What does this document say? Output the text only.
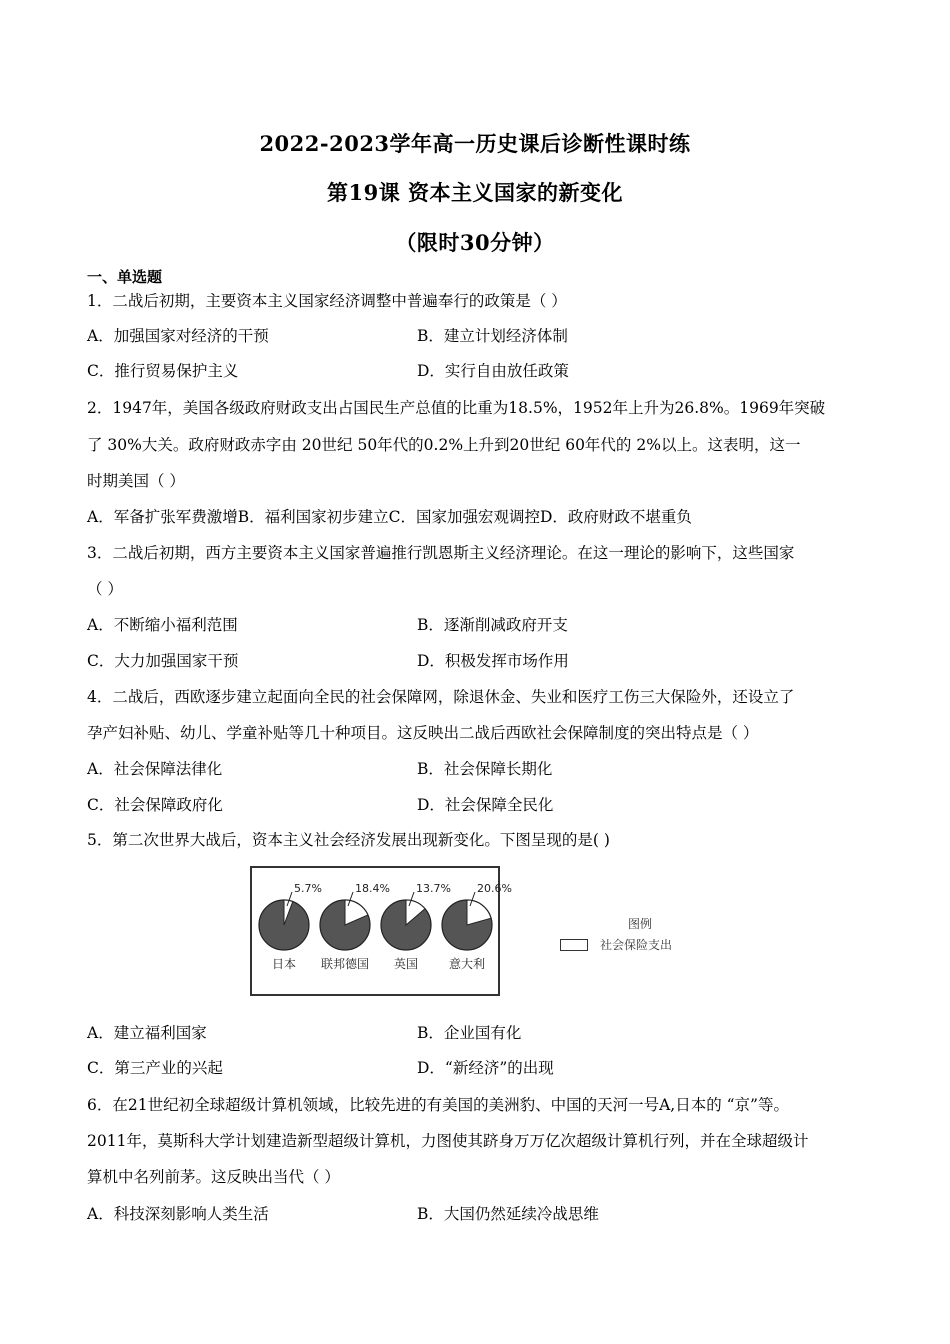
2022-2023学年高一历史课后诊断性课时练
第19课 资本主义国家的新变化
（限时30分钟）
一、单选题
1．二战后初期，主要资本主义国家经济调整中普遍奉行的政策是（ ）
A．加强国家对经济的干预	B．建立计划经济体制
C．推行贸易保护主义	D．实行自由放任政策
2．1947年，美国各级政府财政支出占国民生产总值的比重为18.5%，1952年上升为26.8%。1969年突破
了 30%大关。政府财政赤字由 20世纪 50年代的0.2%上升到20世纪 60年代的 2%以上。这表明，这一
时期美国（ ）
A．军备扩张军费激增B．福利国家初步建立C．国家加强宏观调控D．政府财政不堪重负
3．二战后初期，西方主要资本主义国家普遍推行凯恩斯主义经济理论。在这一理论的影响下，这些国家
（ ）
A．不断缩小福利范围	B．逐渐削减政府开支
C．大力加强国家干预	D．积极发挥市场作用
4．二战后，西欧逐步建立起面向全民的社会保障网，除退休金、失业和医疗工伤三大保险外，还设立了
孕产妇补贴、幼儿、学童补贴等几十种项目。这反映出二战后西欧社会保障制度的突出特点是（ ）
A．社会保障法律化	B．社会保障长期化
C．社会保障政府化	D．社会保障全民化
5．第二次世界大战后，资本主义社会经济发展出现新变化。下图呈现的是( )
5.7%
日本
18.4%
联邦德国
13.7%
英国
20.6%
意大利
图例
社会保险支出
A．建立福利国家	B．企业国有化
C．第三产业的兴起	D．“新经济”的出现
6．在21世纪初全球超级计算机领域，比较先进的有美国的美洲豹、中国的天河一号A,日本的 “京”等。
2011年，莫斯科大学计划建造新型超级计算机，力图使其跻身万万亿次超级计算机行列，并在全球超级计
算机中名列前茅。这反映出当代（ ）
A．科技深刻影响人类生活	B．大国仍然延续冷战思维
